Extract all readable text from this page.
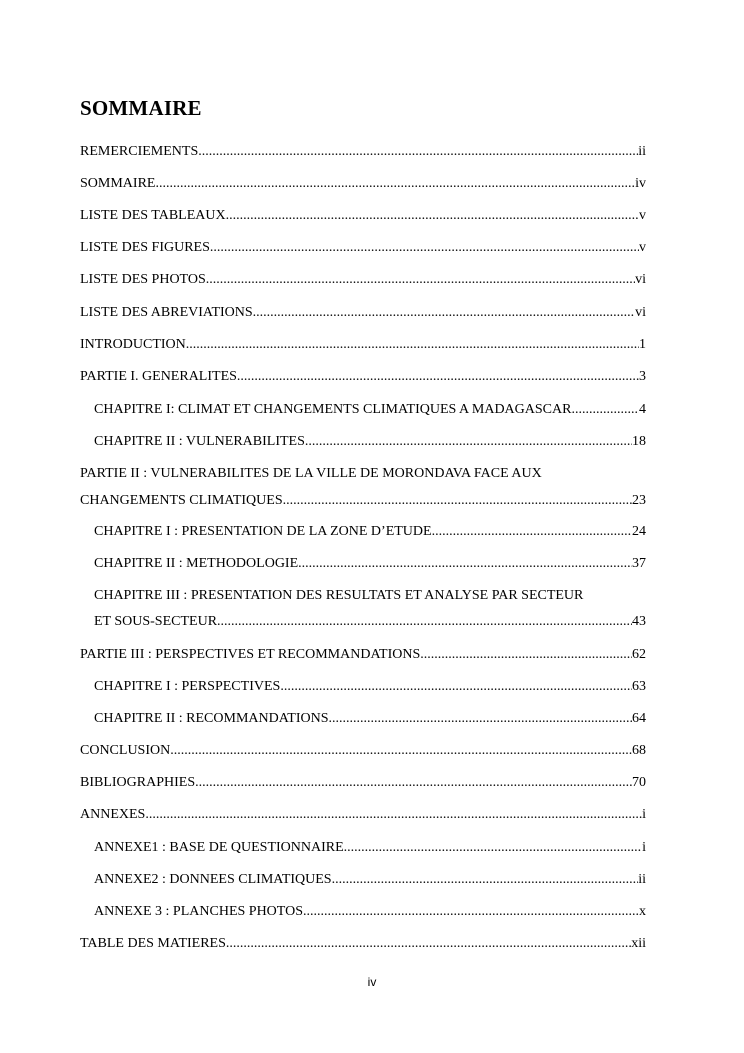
SOMMAIRE
REMERCIEMENTS .....	ii
SOMMAIRE .....	iv
LISTE DES TABLEAUX .....	v
LISTE DES FIGURES .....	v
LISTE DES PHOTOS .....	vi
LISTE DES ABREVIATIONS .....	vi
INTRODUCTION .....	1
PARTIE I. GENERALITES .....	3
CHAPITRE I: CLIMAT ET CHANGEMENTS CLIMATIQUES A MADAGASCAR .....	4
CHAPITRE II : VULNERABILITES .....	18
PARTIE II : VULNERABILITES DE LA VILLE DE MORONDAVA FACE AUX
CHANGEMENTS CLIMATIQUES .....	23
CHAPITRE I : PRESENTATION DE LA ZONE D’ETUDE .....	24
CHAPITRE II : METHODOLOGIE .....	37
CHAPITRE III : PRESENTATION DES RESULTATS ET ANALYSE PAR SECTEUR
ET SOUS-SECTEUR .....	43
PARTIE III : PERSPECTIVES ET RECOMMANDATIONS .....	62
CHAPITRE I : PERSPECTIVES .....	63
CHAPITRE II : RECOMMANDATIONS .....	64
CONCLUSION .....	68
BIBLIOGRAPHIES .....	70
ANNEXES .....	i
ANNEXE1 : BASE DE QUESTIONNAIRE .....	i
ANNEXE2 : DONNEES CLIMATIQUES .....	ii
ANNEXE 3 : PLANCHES PHOTOS .....	x
TABLE DES MATIERES .....	xii
iv
